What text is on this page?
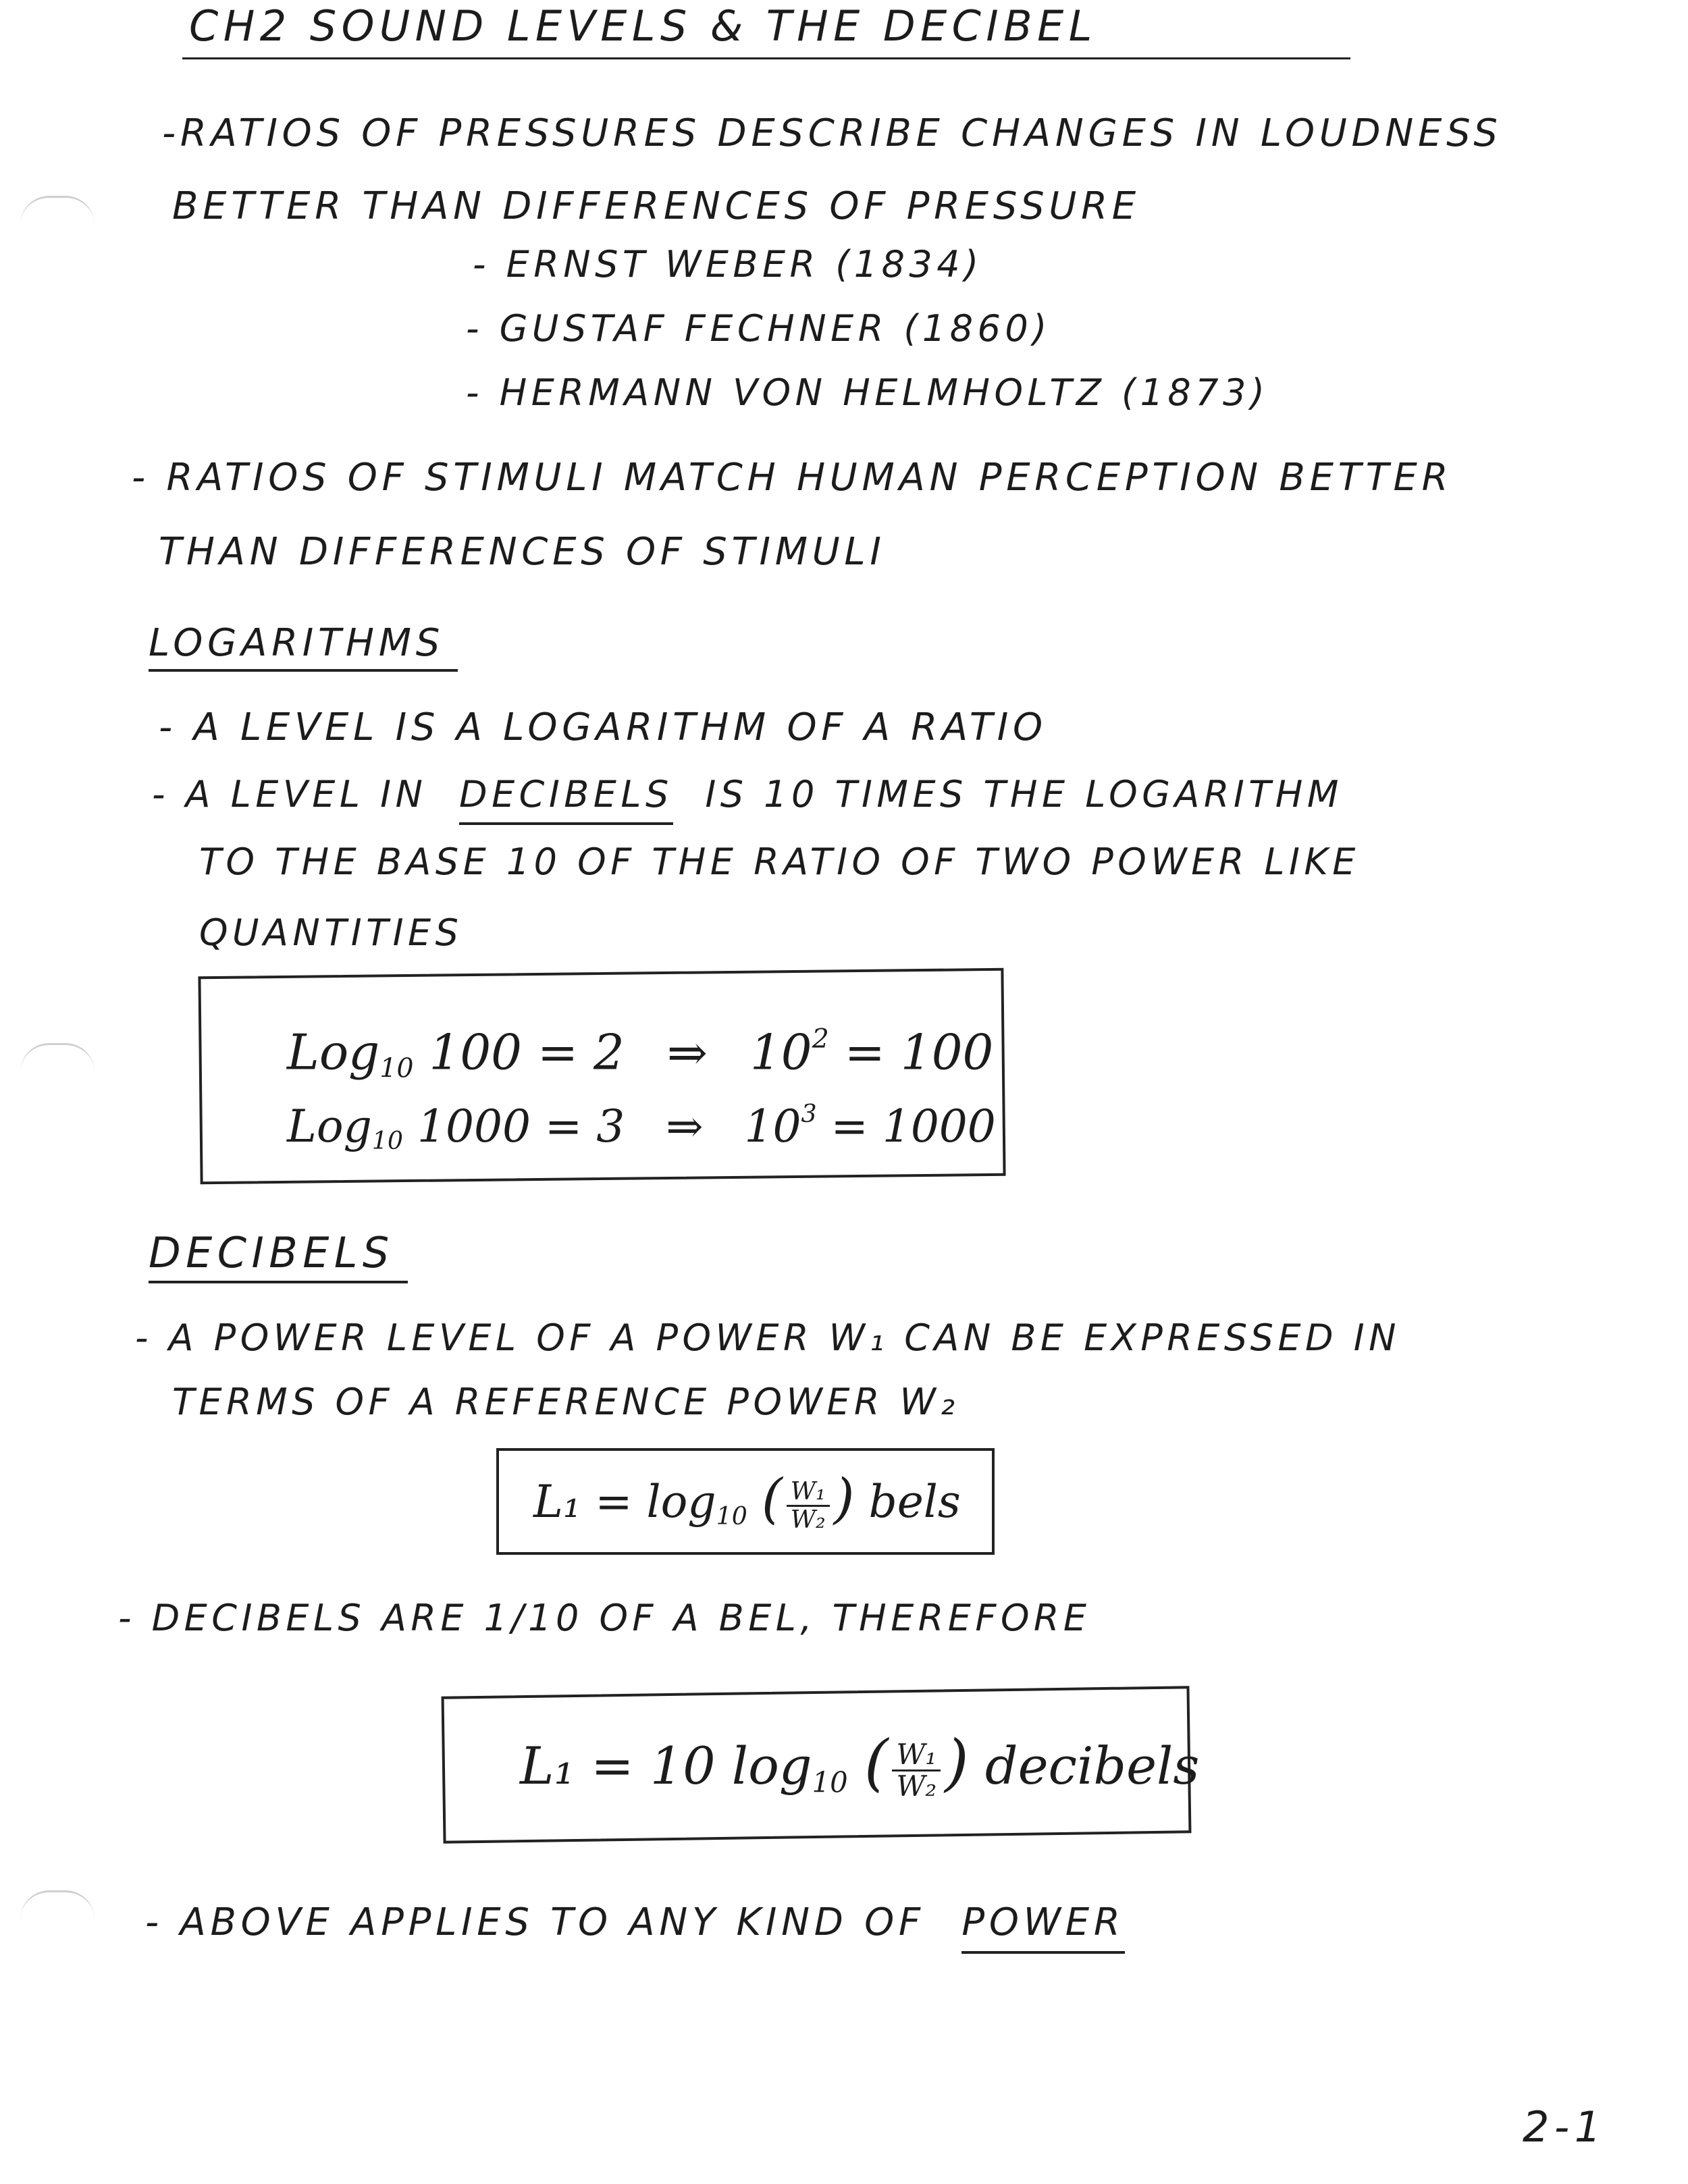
CH2 SOUND LEVELS & THE DECIBEL
-RATIOS OF PRESSURES DESCRIBE CHANGES IN LOUDNESS
BETTER THAN DIFFERENCES OF PRESSURE
- ERNST WEBER (1834)
- GUSTAF FECHNER (1860)
- HERMANN VON HELMHOLTZ (1873)
- RATIOS OF STIMULI MATCH HUMAN PERCEPTION BETTER
THAN DIFFERENCES OF STIMULI
LOGARITHMS
- A LEVEL IS A LOGARITHM OF A RATIO
- A LEVEL IN DECIBELS IS 10 TIMES THE LOGARITHM
TO THE BASE 10 OF THE RATIO OF TWO POWER LIKE
QUANTITIES
Log$_{10}$ 100 = 2 ⇒ $10^2 = 100$
Log$_{10}$ 1000 = 3 ⇒ $10^3 = 1000$
DECIBELS
- A POWER LEVEL OF A POWER W₁ CAN BE EXPRESSED IN
TERMS OF A REFERENCE POWER W₂
$L_1 = \log_{10}$ ( $\frac{\text{W₁}}{\text{W₂}}$ ) bels
- DECIBELS ARE 1/10 OF A BEL, THEREFORE
L₁ = 10 $\log_{10}$ ( $\frac{\text{W₁}}{\text{W₂}}$ ) decibels
- ABOVE APPLIES TO ANY KIND OF POWER
2-1
